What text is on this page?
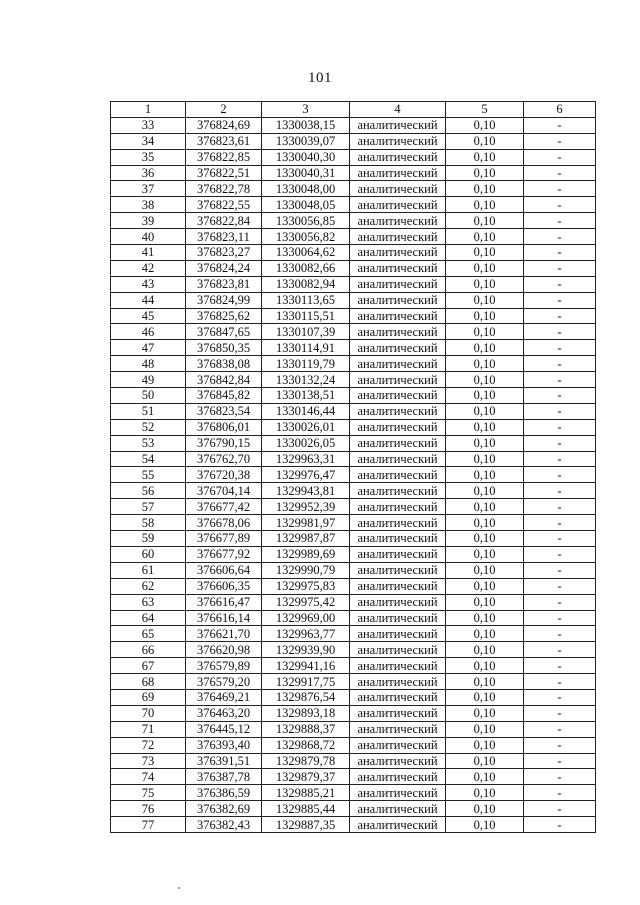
101
1	2	3	4	5	6
33	376824,69	1330038,15	аналитический	0,10	-
34	376823,61	1330039,07	аналитический	0,10	-
35	376822,85	1330040,30	аналитический	0,10	-
36	376822,51	1330040,31	аналитический	0,10	-
37	376822,78	1330048,00	аналитический	0,10	-
38	376822,55	1330048,05	аналитический	0,10	-
39	376822,84	1330056,85	аналитический	0,10	-
40	376823,11	1330056,82	аналитический	0,10	-
41	376823,27	1330064,62	аналитический	0,10	-
42	376824,24	1330082,66	аналитический	0,10	-
43	376823,81	1330082,94	аналитический	0,10	-
44	376824,99	1330113,65	аналитический	0,10	-
45	376825,62	1330115,51	аналитический	0,10	-
46	376847,65	1330107,39	аналитический	0,10	-
47	376850,35	1330114,91	аналитический	0,10	-
48	376838,08	1330119,79	аналитический	0,10	-
49	376842,84	1330132,24	аналитический	0,10	-
50	376845,82	1330138,51	аналитический	0,10	-
51	376823,54	1330146,44	аналитический	0,10	-
52	376806,01	1330026,01	аналитический	0,10	-
53	376790,15	1330026,05	аналитический	0,10	-
54	376762,70	1329963,31	аналитический	0,10	-
55	376720,38	1329976,47	аналитический	0,10	-
56	376704,14	1329943,81	аналитический	0,10	-
57	376677,42	1329952,39	аналитический	0,10	-
58	376678,06	1329981,97	аналитический	0,10	-
59	376677,89	1329987,87	аналитический	0,10	-
60	376677,92	1329989,69	аналитический	0,10	-
61	376606,64	1329990,79	аналитический	0,10	-
62	376606,35	1329975,83	аналитический	0,10	-
63	376616,47	1329975,42	аналитический	0,10	-
64	376616,14	1329969,00	аналитический	0,10	-
65	376621,70	1329963,77	аналитический	0,10	-
66	376620,98	1329939,90	аналитический	0,10	-
67	376579,89	1329941,16	аналитический	0,10	-
68	376579,20	1329917,75	аналитический	0,10	-
69	376469,21	1329876,54	аналитический	0,10	-
70	376463,20	1329893,18	аналитический	0,10	-
71	376445,12	1329888,37	аналитический	0,10	-
72	376393,40	1329868,72	аналитический	0,10	-
73	376391,51	1329879,78	аналитический	0,10	-
74	376387,78	1329879,37	аналитический	0,10	-
75	376386,59	1329885,21	аналитический	0,10	-
76	376382,69	1329885,44	аналитический	0,10	-
77	376382,43	1329887,35	аналитический	0,10	-
